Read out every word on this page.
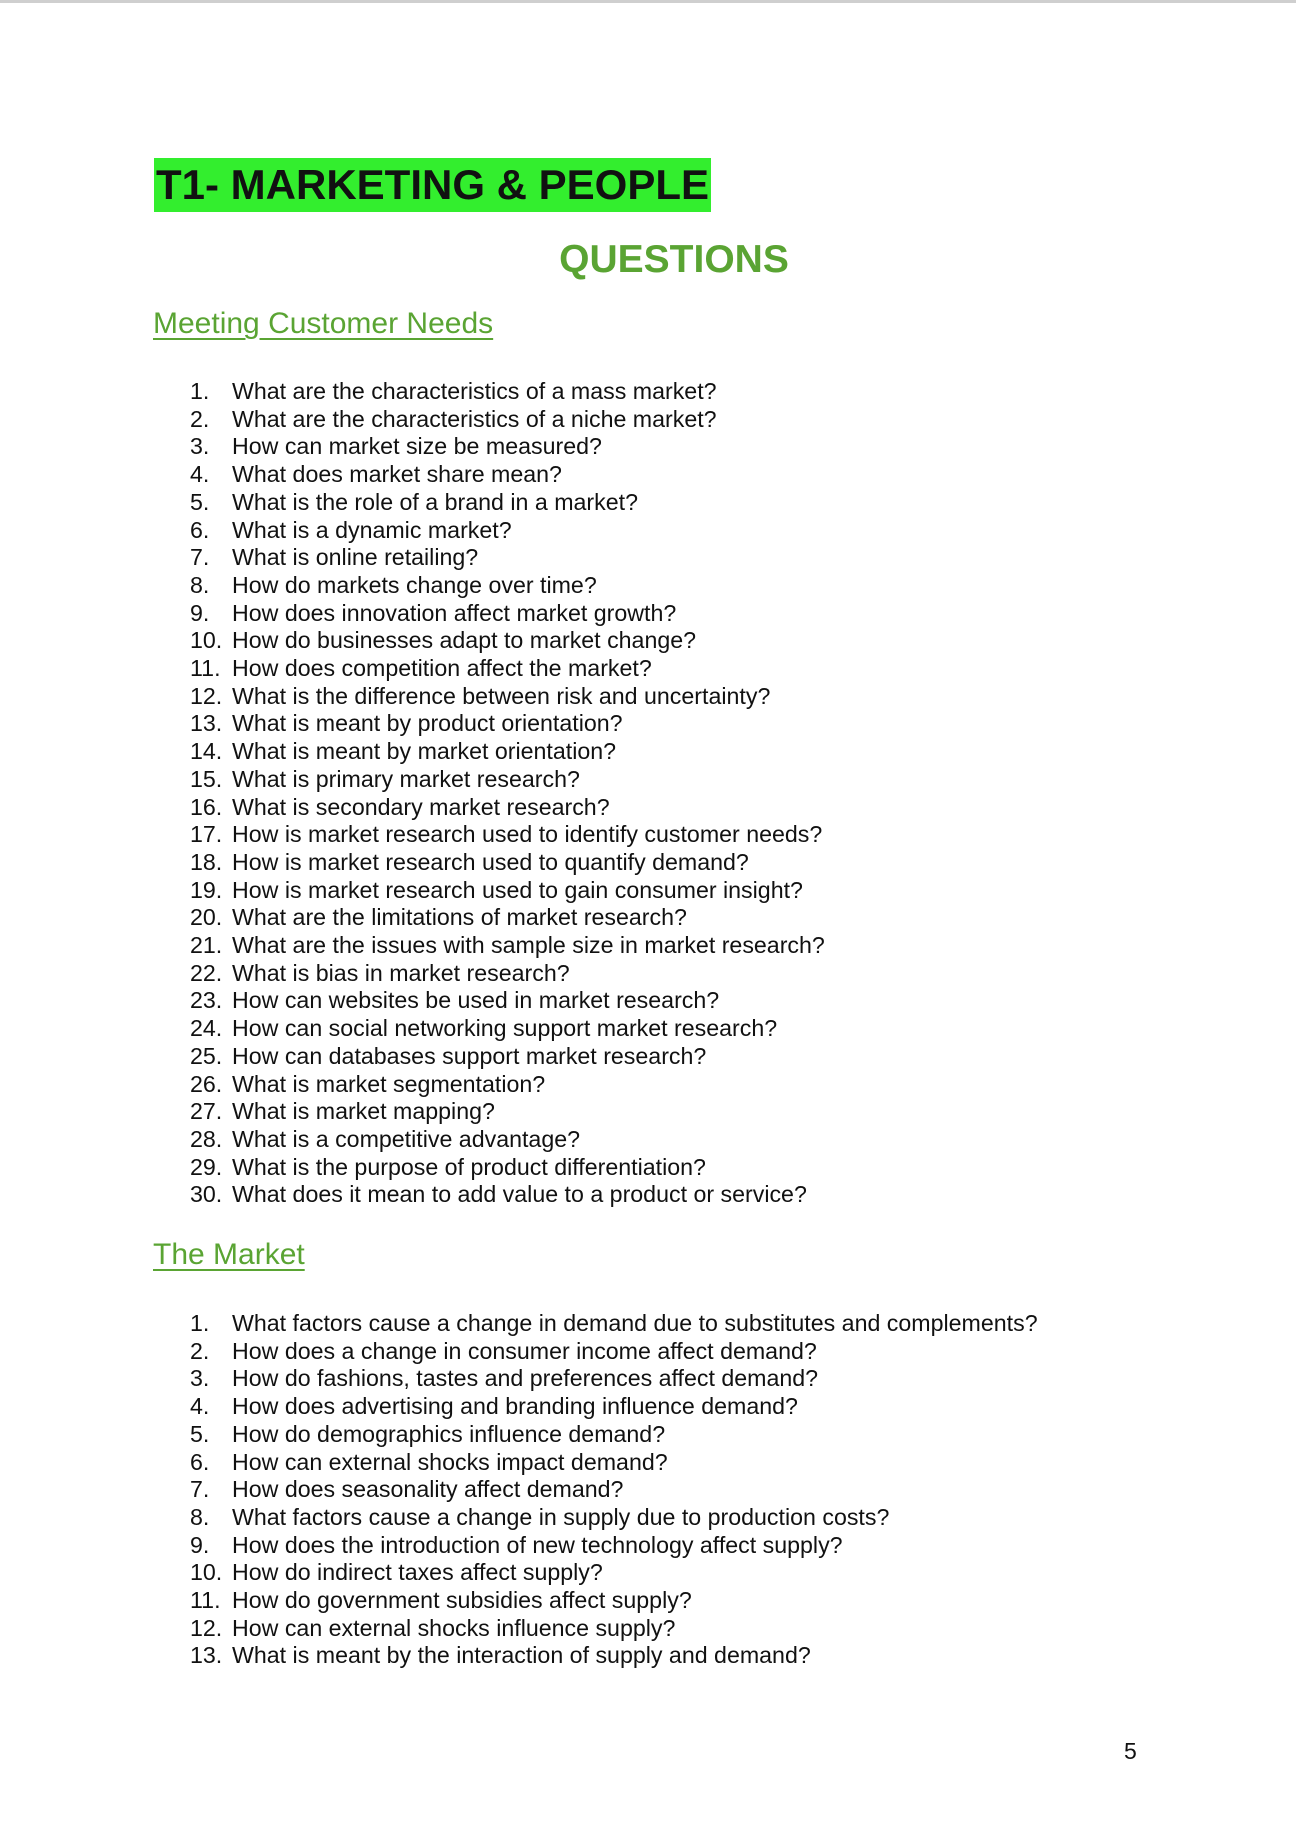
T1- MARKETING & PEOPLE
QUESTIONS
Meeting Customer Needs
1. What are the characteristics of a mass market?
2. What are the characteristics of a niche market?
3. How can market size be measured?
4. What does market share mean?
5. What is the role of a brand in a market?
6. What is a dynamic market?
7. What is online retailing?
8. How do markets change over time?
9. How does innovation affect market growth?
10. How do businesses adapt to market change?
11. How does competition affect the market?
12. What is the difference between risk and uncertainty?
13. What is meant by product orientation?
14. What is meant by market orientation?
15. What is primary market research?
16. What is secondary market research?
17. How is market research used to identify customer needs?
18. How is market research used to quantify demand?
19. How is market research used to gain consumer insight?
20. What are the limitations of market research?
21. What are the issues with sample size in market research?
22. What is bias in market research?
23. How can websites be used in market research?
24. How can social networking support market research?
25. How can databases support market research?
26. What is market segmentation?
27. What is market mapping?
28. What is a competitive advantage?
29. What is the purpose of product differentiation?
30. What does it mean to add value to a product or service?
The Market
1. What factors cause a change in demand due to substitutes and complements?
2. How does a change in consumer income affect demand?
3. How do fashions, tastes and preferences affect demand?
4. How does advertising and branding influence demand?
5. How do demographics influence demand?
6. How can external shocks impact demand?
7. How does seasonality affect demand?
8. What factors cause a change in supply due to production costs?
9. How does the introduction of new technology affect supply?
10. How do indirect taxes affect supply?
11. How do government subsidies affect supply?
12. How can external shocks influence supply?
13. What is meant by the interaction of supply and demand?
5
